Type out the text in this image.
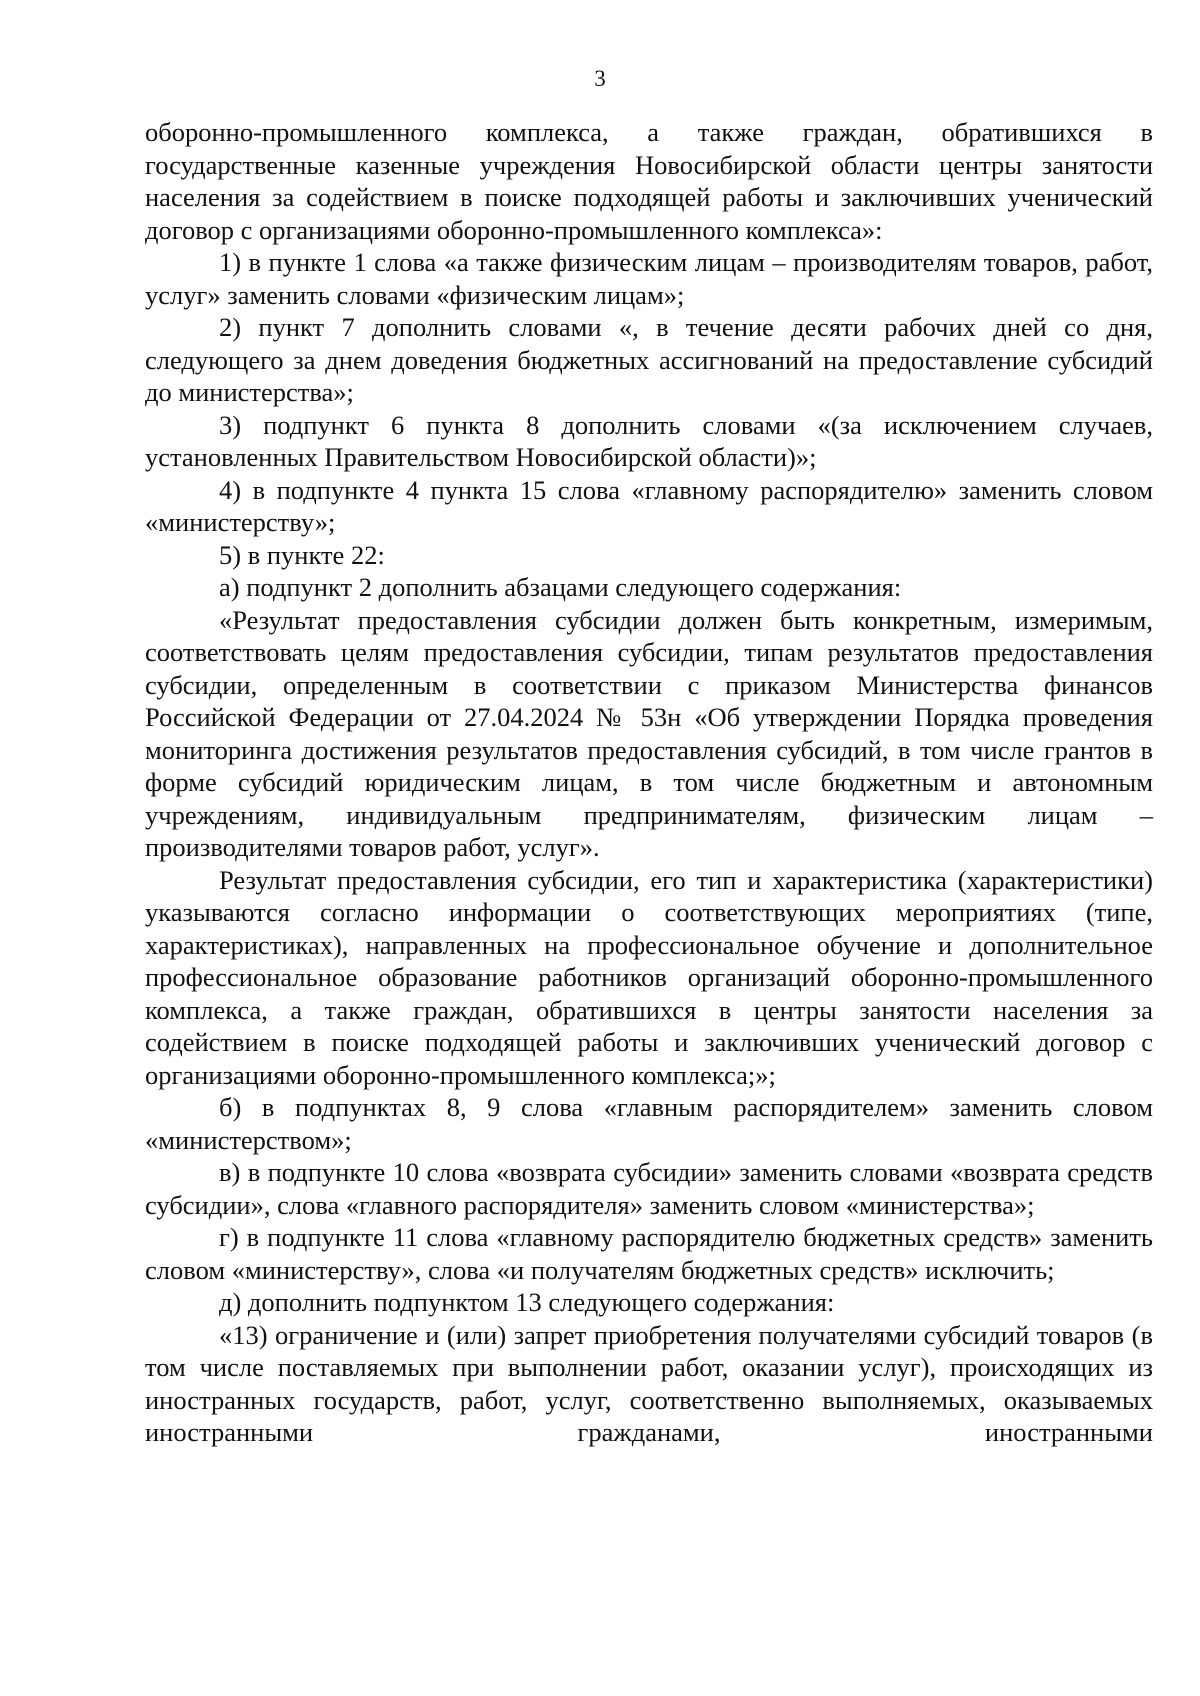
3

оборонно-промышленного комплекса, а также граждан, обратившихся в государственные казенные учреждения Новосибирской области центры занятости населения за содействием в поиске подходящей работы и заключивших ученический договор с организациями оборонно-промышленного комплекса»:

1) в пункте 1 слова «а также физическим лицам – производителям товаров, работ, услуг» заменить словами «физическим лицам»;

2) пункт 7 дополнить словами «, в течение десяти рабочих дней со дня, следующего за днем доведения бюджетных ассигнований на предоставление субсидий до министерства»;

3) подпункт 6 пункта 8 дополнить словами «(за исключением случаев, установленных Правительством Новосибирской области)»;

4) в подпункте 4 пункта 15 слова «главному распорядителю» заменить словом «министерству»;

5) в пункте 22:

а) подпункт 2 дополнить абзацами следующего содержания:

«Результат предоставления субсидии должен быть конкретным, измеримым, соответствовать целям предоставления субсидии, типам результатов предоставления субсидии, определенным в соответствии с приказом Министерства финансов Российской Федерации от 27.04.2024 № 53н «Об утверждении Порядка проведения мониторинга достижения результатов предоставления субсидий, в том числе грантов в форме субсидий юридическим лицам, в том числе бюджетным и автономным учреждениям, индивидуальным предпринимателям, физическим лицам – производителями товаров работ, услуг».

Результат предоставления субсидии, его тип и характеристика (характеристики) указываются согласно информации о соответствующих мероприятиях (типе, характеристиках), направленных на профессиональное обучение и дополнительное профессиональное образование работников организаций оборонно-промышленного комплекса, а также граждан, обратившихся в центры занятости населения за содействием в поиске подходящей работы и заключивших ученический договор с организациями оборонно-промышленного комплекса;»;

б) в подпунктах 8, 9 слова «главным распорядителем» заменить словом «министерством»;

в) в подпункте 10 слова «возврата субсидии» заменить словами «возврата средств субсидии», слова «главного распорядителя» заменить словом «министерства»;

г) в подпункте 11 слова «главному распорядителю бюджетных средств» заменить словом «министерству», слова «и получателям бюджетных средств» исключить;

д) дополнить подпунктом 13 следующего содержания:

«13) ограничение и (или) запрет приобретения получателями субсидий товаров (в том числе поставляемых при выполнении работ, оказании услуг), происходящих из иностранных государств, работ, услуг, соответственно выполняемых, оказываемых иностранными гражданами, иностранными
